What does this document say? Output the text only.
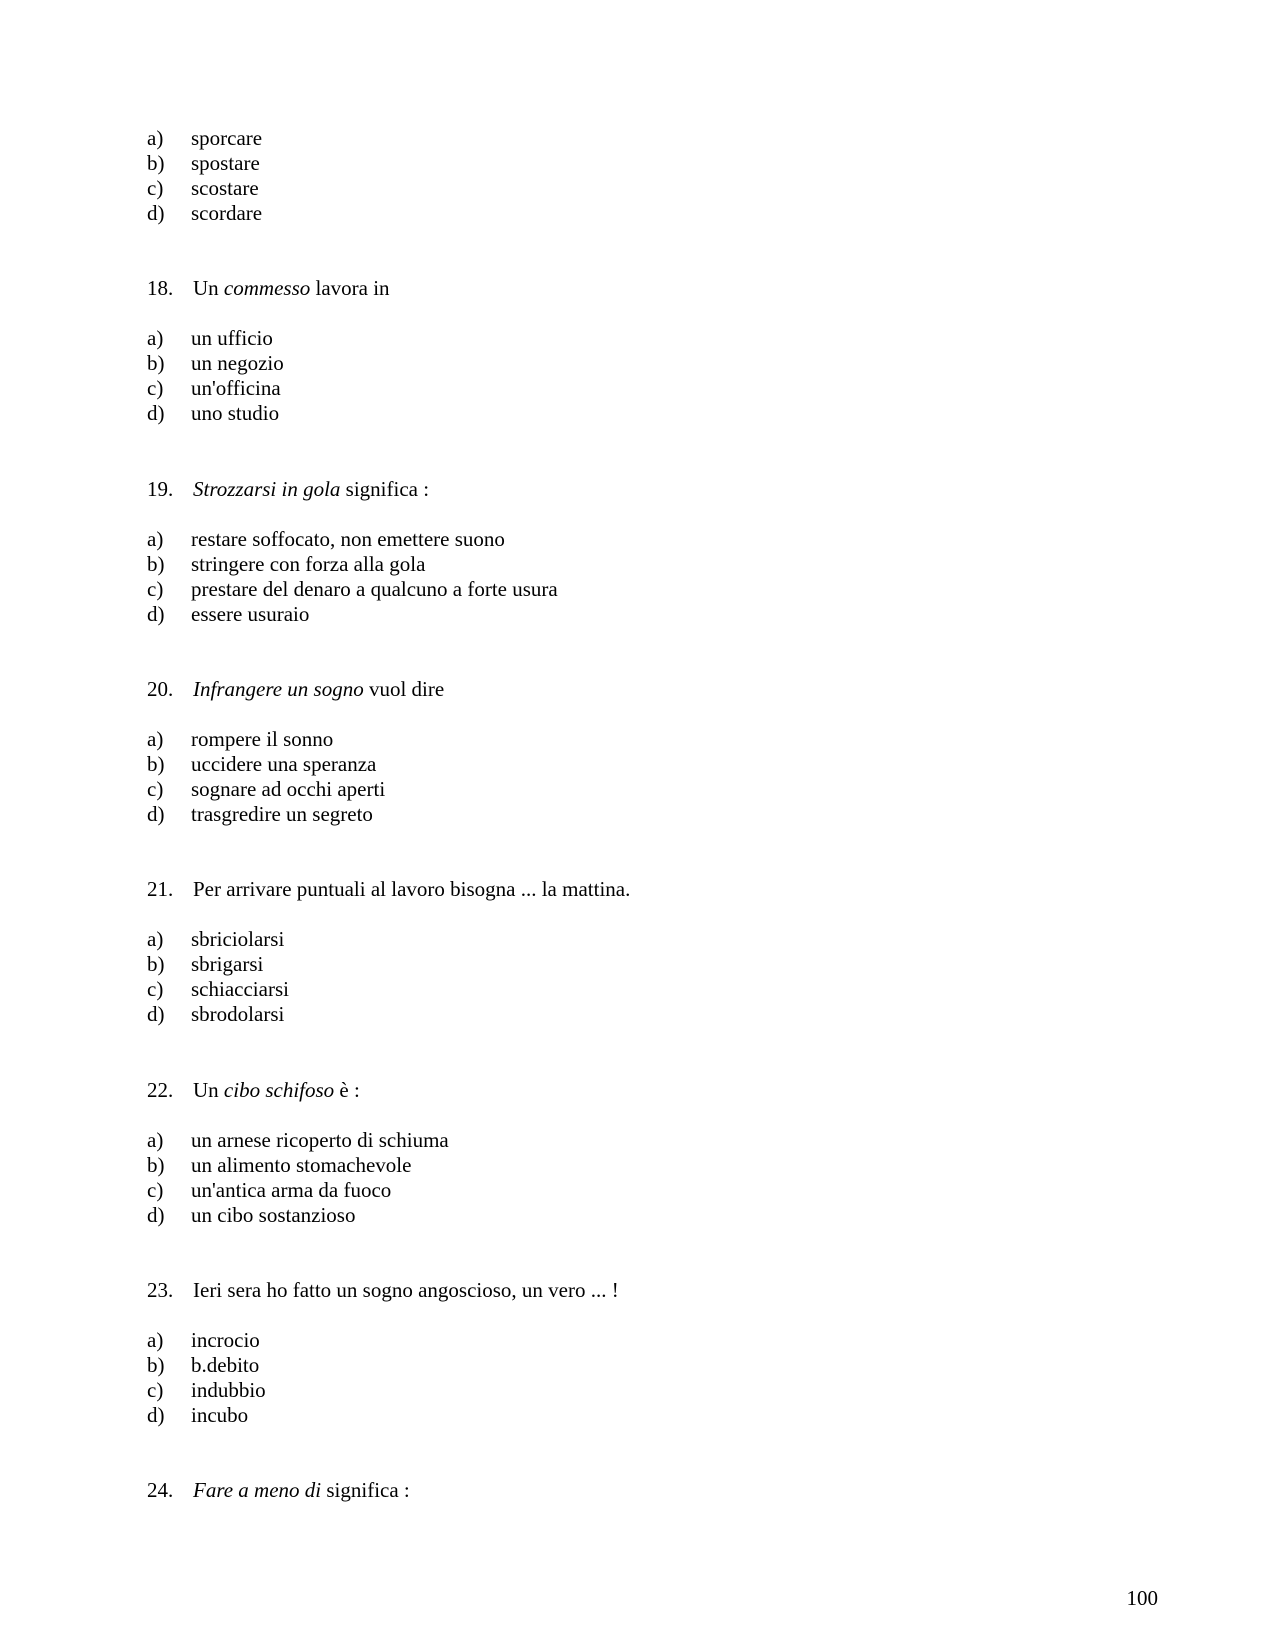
a) sporcare
b) spostare
c) scostare
d) scordare
18. Un commesso lavora in
a) un ufficio
b) un negozio
c) un'officina
d) uno studio
19. Strozzarsi in gola significa :
a) restare soffocato, non emettere suono
b) stringere con forza alla gola
c) prestare del denaro a qualcuno a forte usura
d) essere usuraio
20. Infrangere un sogno vuol dire
a) rompere il sonno
b) uccidere una speranza
c) sognare ad occhi aperti
d) trasgredire un segreto
21. Per arrivare puntuali al lavoro bisogna ... la mattina.
a) sbriciolarsi
b) sbrigarsi
c) schiacciarsi
d) sbrodolarsi
22. Un cibo schifoso è :
a) un arnese ricoperto di schiuma
b) un alimento stomachevole
c) un'antica arma da fuoco
d) un cibo sostanzioso
23. Ieri sera ho fatto un sogno angoscioso, un vero ... !
a) incrocio
b) b.debito
c) indubbio
d) incubo
24. Fare a meno di significa :
100
